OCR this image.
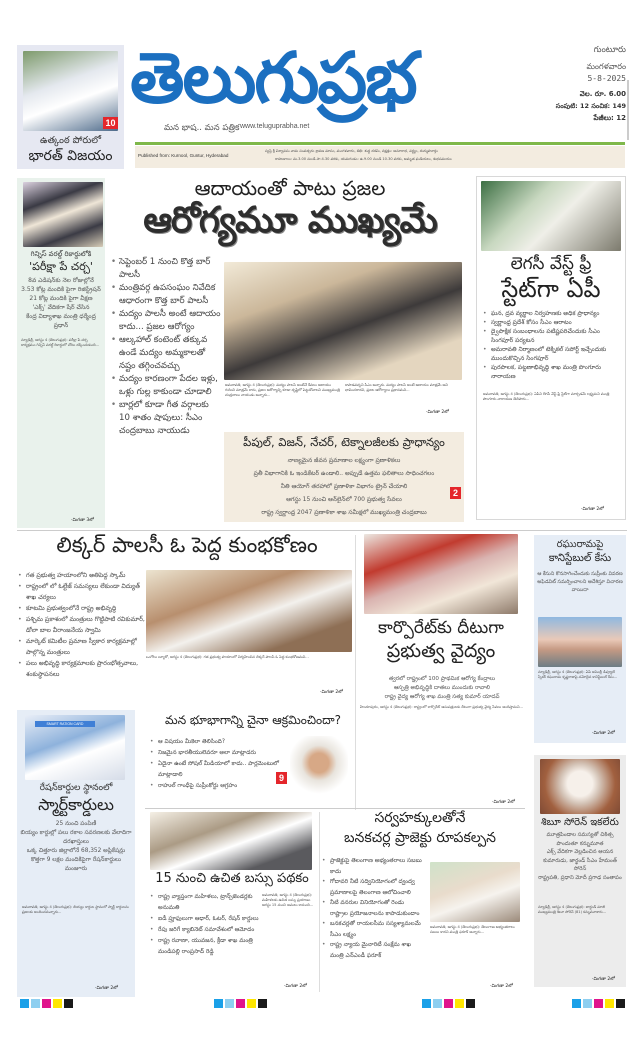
10
ఉత్కంఠ పోరులో
భారత్ విజయం
తెలుగుప్రభ
మన భాష.. మన పత్రిక www.teluguprabha.net
గుంటూరు
మంగళవారం
5-8-2025
వెల. రూ. 6.00
సంపుటి: 12 సంచిక: 149
పేజీలు: 12
Published from: Kurnool, Guntur, Hyderabad
స్వస్తి శ్రీ విశ్వావసు నామ సంవత్సరం శ్రావణ మాసం, మంగళవారం, తిథి: శుద్ధ దశమి, నక్షత్రం: అనూరాధ, వర్జ్యం, దుర్ముహూర్తం
రాహుకాలం: మ.3.00 నుండి సా.4.30 వరకు, యమగండం: ఉ.9.00 నుండి 10.30 వరకు, అమృత ఘడియలు, శుభసమయం
గిన్నిస్ వరల్డ్ రికార్డులోకి
'పరీక్షా పే చర్చ'
8వ ఎడిషన్‌కు నెల రోజుల్లోనే
3.53 కోట్ల మందికి పైగా రిజిస్ట్రేషన్
21 కోట్ల మందికి పైగా వీక్షణ
'ఎక్స్' వేదికగా షేర్ చేసిన
కేంద్ర విద్యాశాఖ మంత్రి ధర్మేంద్ర ప్రధాన్
న్యూఢిల్లీ, ఆగస్టు 4 (తెలుగుప్రభ): పరీక్షా పే చర్చ కార్యక్రమం గిన్నిస్ వరల్డ్ రికార్డులో చోటు దక్కించుకుంది...
-మిగతా 3లో
ఆదాయంతో పాటు ప్రజల
ఆరోగ్యమూ ముఖ్యమే
• సెప్టెంబర్ 1 నుంచి కొత్త బార్ పాలసీ
• మంత్రివర్గ ఉపసంఘం నివేదిక ఆధారంగా కొత్త బార్ పాలసీ
• మద్యం పాలసీ అంటే ఆదాయం కాదు... ప్రజల ఆరోగ్యం
• ఆల్కహాల్ కంటెంట్ తక్కువ ఉండే మద్యం అమ్మకాలతో నష్టం తగ్గించవచ్చు
• మద్యం కారణంగా పేదల ఇళ్లు, ఒళ్లు గుల్ల కాకుండా చూడాలి
• బార్లలో కూడా గీత వర్గాలకు 10 శాతం షాపులు: సీఎం చంద్రబాబు నాయుడు
అమరావతి, ఆగస్టు 4 (తెలుగుప్రభ): మద్యం పాలసీ అంటేనే కేవలం ఆదాయం గురించి మాత్రమే కాదు, ప్రజల ఆరోగ్యాన్ని కూడా దృష్టిలో పెట్టుకోవాలని ముఖ్యమంత్రి చంద్రబాబు నాయుడు అన్నారు...
కాపాడవచ్చని సీఎం అన్నారు. మద్యం పాలసీ అంటే ఆదాయం మాత్రమే అని భావించరాదని, ప్రజల ఆరోగ్యాలు ప్రధానమని...
-మిగతా 2లో
పీపుల్, విజన్, నేచర్, టెక్నాలజీలకు ప్రాధాన్యం
నాణ్యమైన జీవన ప్రమాణాల లక్ష్యంగా ప్రణాళికలు
ప్రతీ విభాగానికి ఓ ఇండికేటర్ ఉండాలి.. అప్పుడే ఉత్తమ ఫలితాలు సాధించగలం
నీతి ఆయోగ్ తరహాలో ప్రణాళికా విభాగం ట్రైన్ చేయాలి
ఆగస్టు 15 నుంచి ఆన్‌లైన్‌లో 700 ప్రభుత్వ సేవలు
రాష్ట్ర స్వర్ణాంధ్ర 2047 ప్రణాళికా శాఖ సమీక్షలో ముఖ్యమంత్రి చంద్రబాబు
2
లెగసీ వేస్ట్ ఫ్రీ
స్టేట్‌గా ఏపీ
• ఘన, ద్రవ వ్యర్థాల నిర్వహణకు అధిక ప్రాధాన్యం
• స్వర్ణాంధ్ర ప్రదేశ్ కోసం సీఎం ఆరాటం
• ద్వైపాక్షిక సంబంధాలను పటిష్టపరిచేందుకు సీఎం సింగపూర్ పర్యటన
• అమరావతి నిర్మాణంలో టెక్నికల్ సపోర్ట్ ఇచ్చేందుకు ముందుకొచ్చిన సింగపూర్
• పురపాలక, పట్టణాభివృద్ధి శాఖ మంత్రి పొంగూరు నారాయణ
అమరావతి, ఆగస్టు 4 (తెలుగుప్రభ): ఏపీని లెగసీ వేస్ట్ ఫ్రీ స్టేట్‌గా మార్చడమే లక్ష్యమని మంత్రి పొంగూరు నారాయణ తెలిపారు...
-మిగతా 2లో
లిక్కర్ పాలసీ ఓ పెద్ద కుంభకోణం
• గత ప్రభుత్వ హయాంలోని అతిపెద్ద స్కామ్
• రాష్ట్రంలో లో ఓల్టేజ్ సమస్యలు లేకుండా విద్యుత్ శాఖ చర్యలు
• కూటమి ప్రభుత్వంలోనే రాష్ట్ర అభివృద్ధి
• పశ్చిమ ప్రకాశంలో మంత్రులు గొట్టిపాటి రవికుమార్, డోలా బాల వీరాంజనేయ స్వామి
• మార్కెట్ కమిటీల ప్రమాణ స్వీకార కార్యక్రమాల్లో పాల్గొన్న మంత్రులు
• పలు అభివృద్ధి కార్యక్రమాలకు ప్రారంభోత్సవాలు, శంకుస్థాపనలు
ఒంగోలు బ్యూరో, ఆగస్టు 4 (తెలుగుప్రభ): గత ప్రభుత్వ హయాంలో నిర్వహించిన లిక్కర్ పాలసీ ఓ పెద్ద కుంభకోణమని...
-మిగతా 2లో
కార్పొరేట్‌కు దీటుగా
ప్రభుత్వ వైద్యం
త్వరలో రాష్ట్రంలో 100 ప్రాథమిక ఆరోగ్య కేంద్రాలు
ఆస్పత్రి అభివృద్ధికి దాతలు ముందుకు రావాలి
రాష్ట్ర వైద్య ఆరోగ్య శాఖ మంత్రి సత్య కుమార్ యాదవ్
హిందూపురం, ఆగస్టు 4 (తెలుగుప్రభ): రాష్ట్రంలో కార్పొరేట్ ఆసుపత్రులకు దీటుగా ప్రభుత్వ వైద్య సేవలు అందిస్తామని...
-మిగతా 2లో
రఘురామపై
కానిస్టేబుల్ కేసు
ఆ కేసుని కొనసాగించేందుకు సుప్రీంకు వివరణ
అఫిడవిట్ సమర్పించాలని ఆదేశిస్తూ విచారణ వాయిదా
న్యూఢిల్లీ, ఆగస్టు 4 (తెలుగుప్రభ): ఏపీ అసెంబ్లీ డిప్యూటీ స్పీకర్ రఘురామ కృష్ణరాజుపై నమోదైన కానిస్టేబుల్ కేసు...
-మిగతా 2లో
SMART RATION CARD
రేషన్‌కార్డుల స్థానంలో
స్మార్ట్‌కార్డులు
25 నుంచి పంపిణీ
బియ్యం కార్డుల్లో పలు రకాల సవరణలకు వేలాదిగా దరఖాస్తులు
ఒక్క చిత్తూరు జిల్లాలోనే 68,352 అప్లికేషన్లు
కొత్తగా 9 లక్షల మందికిపైగా రేషన్‌కార్డులు మంజూరు
అమరావతి, ఆగస్టు 4 (తెలుగుప్రభ): బియ్యం కార్డుల స్థానంలో స్మార్ట్ కార్డులను ప్రజలకు అందించనున్నారు...
-మిగతా 2లో
మన భూభాగాన్ని చైనా ఆక్రమించిందా?
• ఆ విషయం మీకెలా తెలిసింది?
• నిజమైన భారతీయులెవరూ అలా మాట్లాడరు
• ఏదైనా ఉంటే సోషల్ మీడియాలో కాదు.. పార్లమెంటులో మాట్లాడాలి
• రాహుల్ గాంధీపై సుప్రీంకోర్టు ఆగ్రహం
9
15 నుంచి ఉచిత బస్సు పథకం
• రాష్ట్ర వ్యాప్తంగా మహిళలు, ట్రాన్స్‌జెండర్లకు అనుమతి
• ఐడీ ప్రూఫులుగా ఆధార్, ఓటర్, రేషన్ కార్డులు
• రేపు జరిగే క్యాబినెట్ సమావేశంలో ఆమోదం
• రాష్ట్ర రవాణా, యువజన, క్రీడా శాఖ మంత్రి మండిపల్లి రాంప్రసాద్ రెడ్డి
అమరావతి, ఆగస్టు 4 (తెలుగుప్రభ): మహిళలకు ఉచిత బస్సు ప్రయాణం ఆగస్టు 15 నుంచి అమలు కానుంది...
-మిగతా 2లో
సర్వహక్కులతోనే
బనకచర్ల ప్రాజెక్టు రూపకల్పన
• ప్రాజెక్టుపై తెలంగాణ అభ్యంతరాలు సబబు కాదు
• గోదావరి నీటి సద్వినియోగంలో ద్వంద్వ ప్రమాణాలపై తెలంగాణ ఆలోచించాలి
• నీటి వనరుల వినియోగంతో రెండు రాష్ట్రాల ప్రయోజనాలను కాపాడుకుందాం
• బనకచర్లతో రాయలసీమ సస్యశ్యామలమే సీఎం లక్ష్యం
• రాష్ట్ర న్యాయ మైనారిటీ సంక్షేమ శాఖ మంత్రి ఎన్‌ఎండీ ఫరూక్
అమరావతి, ఆగస్టు 4 (తెలుగుప్రభ): తెలంగాణ అభ్యంతరాలు సబబు కాదని మంత్రి ఫరూక్ అన్నారు...
-మిగతా 2లో
శిబూ సోరెన్ ఇకలేరు
మూత్రపిండాల సమస్యతో చికిత్స పొందుతూ కన్నుమూత
ఎక్స్ వేదికగా వెల్లడించిన ఆయన కుమారుడు, జార్ఖండ్ సీఎం హేమంత్ సోరెన్
రాష్ట్రపతి, ప్రధాని మోదీ ప్రగాఢ సంతాపం
న్యూఢిల్లీ, ఆగస్టు 4 (తెలుగుప్రభ): జార్ఖండ్ మాజీ ముఖ్యమంత్రి శిబూ సోరెన్ (81) కన్నుమూశారు...
-మిగతా 2లో
